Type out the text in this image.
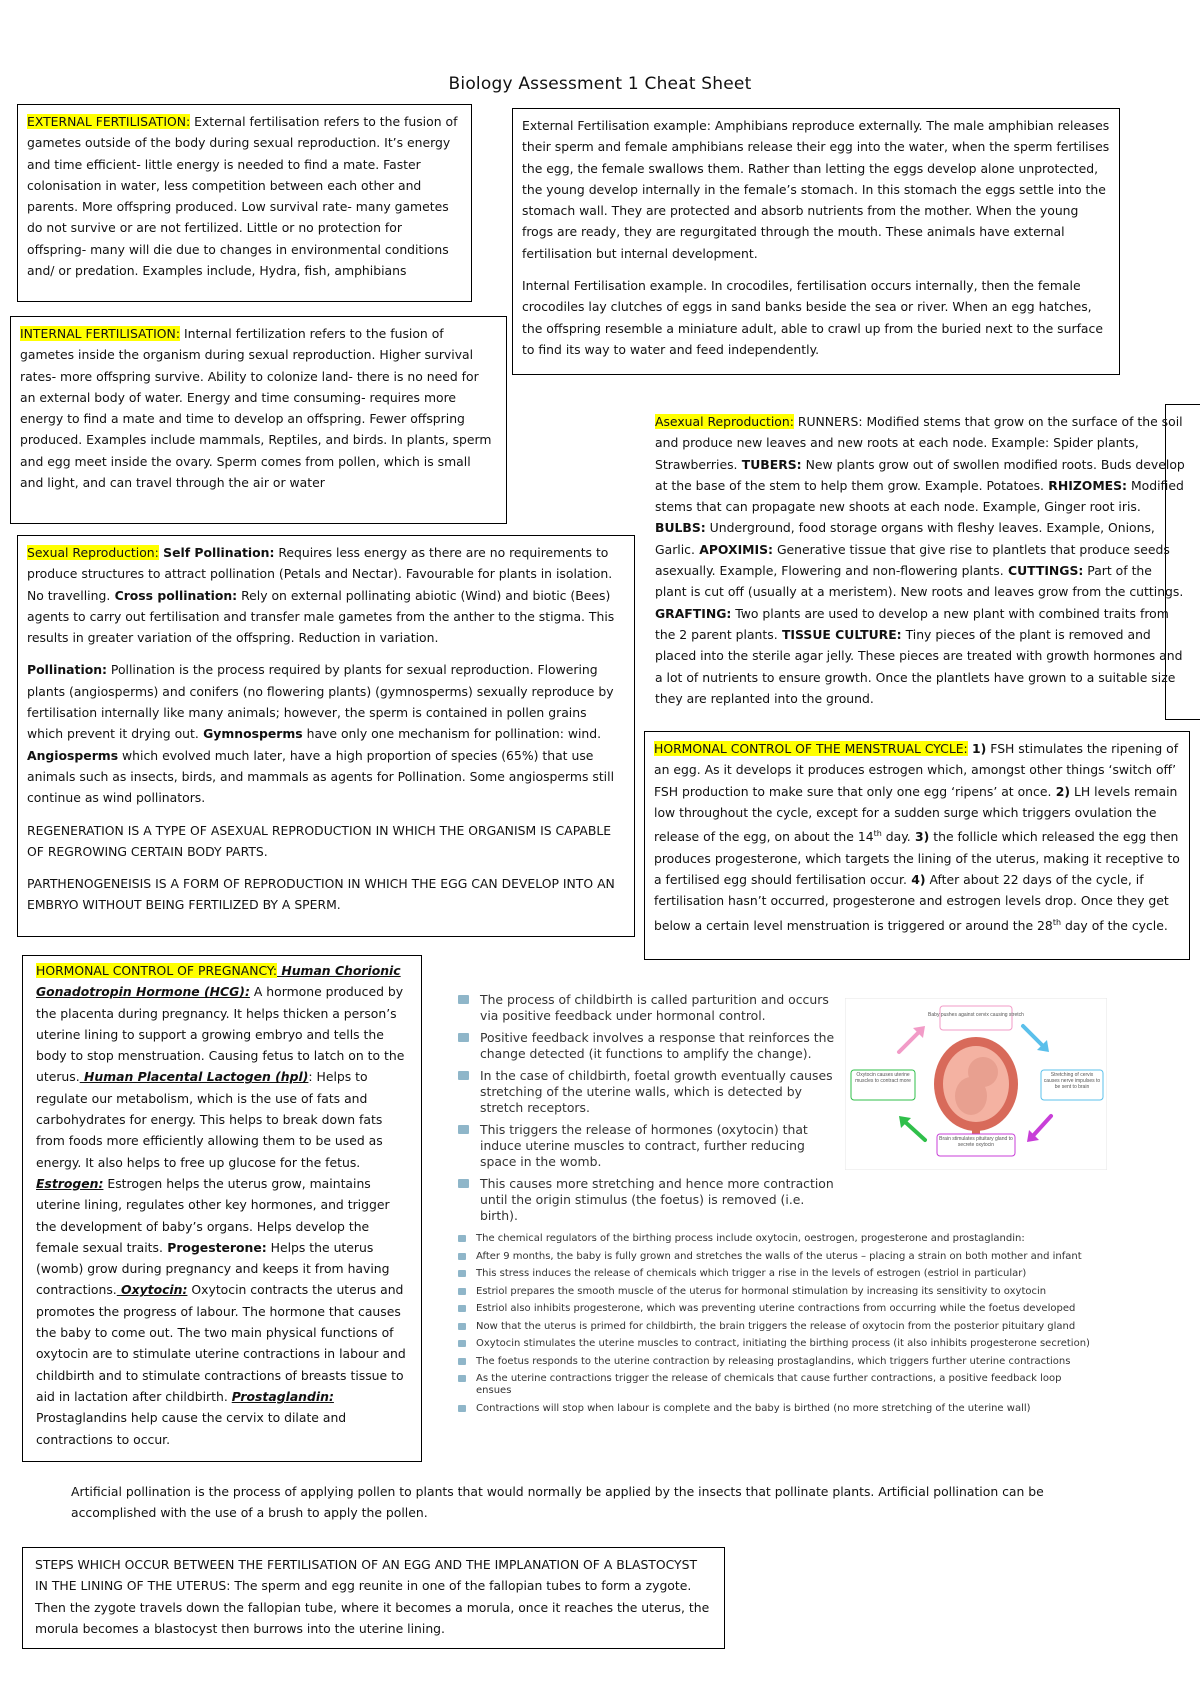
Biology Assessment 1 Cheat Sheet

EXTERNAL FERTILISATION: External fertilisation refers to the fusion of gametes outside of the body during sexual reproduction. It’s energy and time efficient- little energy is needed to find a mate. Faster colonisation in water, less competition between each other and parents. More offspring produced. Low survival rate- many gametes do not survive or are not fertilized. Little or no protection for offspring- many will die due to changes in environmental conditions and/ or predation. Examples include, Hydra, fish, amphibians

INTERNAL FERTILISATION: Internal fertilization refers to the fusion of gametes inside the organism during sexual reproduction. Higher survival rates- more offspring survive. Ability to colonize land- there is no need for an external body of water. Energy and time consuming- requires more energy to find a mate and time to develop an offspring. Fewer offspring produced. Examples include mammals, Reptiles, and birds. In plants, sperm and egg meet inside the ovary. Sperm comes from pollen, which is small and light, and can travel through the air or water

External Fertilisation example: Amphibians reproduce externally. The male amphibian releases their sperm and female amphibians release their egg into the water, when the sperm fertilises the egg, the female swallows them. Rather than letting the eggs develop alone unprotected, the young develop internally in the female’s stomach. In this stomach the eggs settle into the stomach wall. They are protected and absorb nutrients from the mother. When the young frogs are ready, they are regurgitated through the mouth. These animals have external fertilisation but internal development.

Internal Fertilisation example. In crocodiles, fertilisation occurs internally, then the female crocodiles lay clutches of eggs in sand banks beside the sea or river. When an egg hatches, the offspring resemble a miniature adult, able to crawl up from the buried next to the surface to find its way to water and feed independently.

Asexual Reproduction: RUNNERS: Modified stems that grow on the surface of the soil and produce new leaves and new roots at each node. Example: Spider plants, Strawberries. TUBERS: New plants grow out of swollen modified roots. Buds develop at the base of the stem to help them grow. Example. Potatoes. RHIZOMES: Modified stems that can propagate new shoots at each node. Example, Ginger root iris. BULBS: Underground, food storage organs with fleshy leaves. Example, Onions, Garlic. APOXIMIS: Generative tissue that give rise to plantlets that produce seeds asexually. Example, Flowering and non-flowering plants. CUTTINGS: Part of the plant is cut off (usually at a meristem). New roots and leaves grow from the cuttings. GRAFTING: Two plants are used to develop a new plant with combined traits from the 2 parent plants. TISSUE CULTURE: Tiny pieces of the plant is removed and placed into the sterile agar jelly. These pieces are treated with growth hormones and a lot of nutrients to ensure growth. Once the plantlets have grown to a suitable size they are replanted into the ground.

Sexual Reproduction: Self Pollination: Requires less energy as there are no requirements to produce structures to attract pollination (Petals and Nectar). Favourable for plants in isolation. No travelling. Cross pollination: Rely on external pollinating abiotic (Wind) and biotic (Bees) agents to carry out fertilisation and transfer male gametes from the anther to the stigma. This results in greater variation of the offspring. Reduction in variation.

Pollination: Pollination is the process required by plants for sexual reproduction. Flowering plants (angiosperms) and conifers (no flowering plants) (gymnosperms) sexually reproduce by fertilisation internally like many animals; however, the sperm is contained in pollen grains which prevent it drying out. Gymnosperms have only one mechanism for pollination: wind. Angiosperms which evolved much later, have a high proportion of species (65%) that use animals such as insects, birds, and mammals as agents for Pollination. Some angiosperms still continue as wind pollinators.

REGENERATION IS A TYPE OF ASEXUAL REPRODUCTION IN WHICH THE ORGANISM IS CAPABLE OF REGROWING CERTAIN BODY PARTS.

PARTHENOGENEISIS IS A FORM OF REPRODUCTION IN WHICH THE EGG CAN DEVELOP INTO AN EMBRYO WITHOUT BEING FERTILIZED BY A SPERM.

HORMONAL CONTROL OF THE MENSTRUAL CYCLE: 1) FSH stimulates the ripening of an egg. As it develops it produces estrogen which, amongst other things ‘switch off’ FSH production to make sure that only one egg ‘ripens’ at once. 2) LH levels remain low throughout the cycle, except for a sudden surge which triggers ovulation the release of the egg, on about the 14th day. 3) the follicle which released the egg then produces progesterone, which targets the lining of the uterus, making it receptive to a fertilised egg should fertilisation occur. 4) After about 22 days of the cycle, if fertilisation hasn’t occurred, progesterone and estrogen levels drop. Once they get below a certain level menstruation is triggered or around the 28th day of the cycle.

HORMONAL CONTROL OF PREGNANCY: Human Chorionic Gonadotropin Hormone (HCG): A hormone produced by the placenta during pregnancy. It helps thicken a person’s uterine lining to support a growing embryo and tells the body to stop menstruation. Causing fetus to latch on to the uterus. Human Placental Lactogen (hpl): Helps to regulate our metabolism, which is the use of fats and carbohydrates for energy. This helps to break down fats from foods more efficiently allowing them to be used as energy. It also helps to free up glucose for the fetus. Estrogen: Estrogen helps the uterus grow, maintains uterine lining, regulates other key hormones, and trigger the development of baby’s organs. Helps develop the female sexual traits. Progesterone: Helps the uterus (womb) grow during pregnancy and keeps it from having contractions. Oxytocin: Oxytocin contracts the uterus and promotes the progress of labour. The hormone that causes the baby to come out. The two main physical functions of oxytocin are to stimulate uterine contractions in labour and childbirth and to stimulate contractions of breasts tissue to aid in lactation after childbirth. Prostaglandin: Prostaglandins help cause the cervix to dilate and contractions to occur.

The process of childbirth is called parturition and occurs via positive feedback under hormonal control.
Positive feedback involves a response that reinforces the change detected (it functions to amplify the change).
In the case of childbirth, foetal growth eventually causes stretching of the uterine walls, which is detected by stretch receptors.
This triggers the release of hormones (oxytocin) that induce uterine muscles to contract, further reducing space in the womb.
This causes more stretching and hence more contraction until the origin stimulus (the foetus) is removed (i.e. birth).
Baby pushes against cervix causing stretch
Stretching of cervix causes nerve impulses to be sent to brain
Brain stimulates pituitary gland to secrete oxytocin
Oxytocin causes uterine muscles to contract more
The chemical regulators of the birthing process include oxytocin, oestrogen, progesterone and prostaglandin:
After 9 months, the baby is fully grown and stretches the walls of the uterus – placing a strain on both mother and infant
This stress induces the release of chemicals which trigger a rise in the levels of estrogen (estriol in particular)
Estriol prepares the smooth muscle of the uterus for hormonal stimulation by increasing its sensitivity to oxytocin
Estriol also inhibits progesterone, which was preventing uterine contractions from occurring while the foetus developed
Now that the uterus is primed for childbirth, the brain triggers the release of oxytocin from the posterior pituitary gland
Oxytocin stimulates the uterine muscles to contract, initiating the birthing process (it also inhibits progesterone secretion)
The foetus responds to the uterine contraction by releasing prostaglandins, which triggers further uterine contractions
As the uterine contractions trigger the release of chemicals that cause further contractions, a positive feedback loop ensues
Contractions will stop when labour is complete and the baby is birthed (no more stretching of the uterine wall)
Artificial pollination is the process of applying pollen to plants that would normally be applied by the insects that pollinate plants. Artificial pollination can be accomplished with the use of a brush to apply the pollen.

STEPS WHICH OCCUR BETWEEN THE FERTILISATION OF AN EGG AND THE IMPLANATION OF A BLASTOCYST IN THE LINING OF THE UTERUS: The sperm and egg reunite in one of the fallopian tubes to form a zygote. Then the zygote travels down the fallopian tube, where it becomes a morula, once it reaches the uterus, the morula becomes a blastocyst then burrows into the uterine lining.
